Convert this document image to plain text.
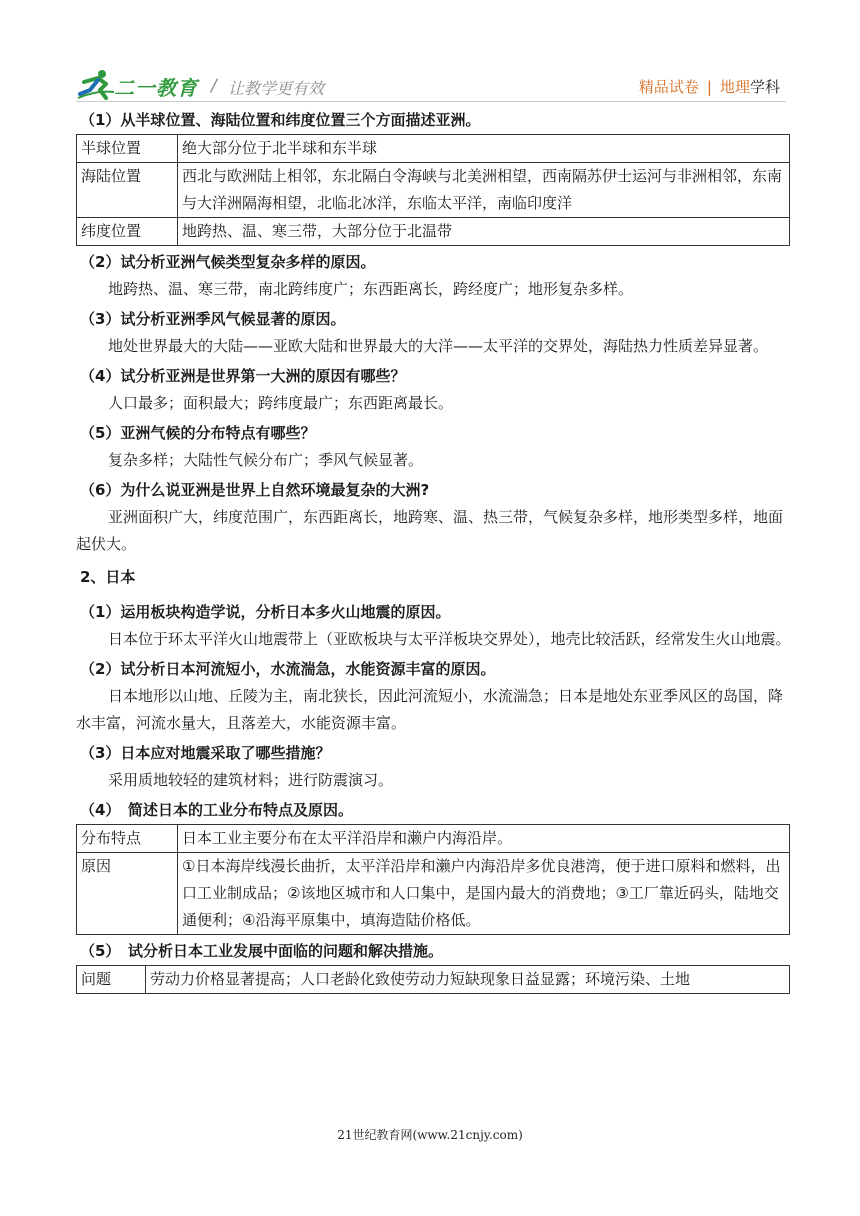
二一教育 / 让教学更有效	精品试卷 | 地理学科

（1）从半球位置、海陆位置和纬度位置三个方面描述亚洲。

半球位置	绝大部分位于北半球和东半球
海陆位置	西北与欧洲陆上相邻，东北隔白令海峡与北美洲相望，西南隔苏伊士运河与非洲相邻，东南与大洋洲隔海相望，北临北冰洋，东临太平洋，南临印度洋
纬度位置	地跨热、温、寒三带，大部分位于北温带

（2）试分析亚洲气候类型复杂多样的原因。

地跨热、温、寒三带，南北跨纬度广；东西距离长，跨经度广；地形复杂多样。

（3）试分析亚洲季风气候显著的原因。

地处世界最大的大陆——亚欧大陆和世界最大的大洋——太平洋的交界处，海陆热力性质差异显著。

（4）试分析亚洲是世界第一大洲的原因有哪些？

人口最多；面积最大；跨纬度最广；东西距离最长。

（5）亚洲气候的分布特点有哪些？

复杂多样；大陆性气候分布广；季风气候显著。

（6）为什么说亚洲是世界上自然环境最复杂的大洲?

亚洲面积广大，纬度范围广，东西距离长，地跨寒、温、热三带，气候复杂多样，地形类型多样，地面起伏大。

2、日本

（1）运用板块构造学说，分析日本多火山地震的原因。

日本位于环太平洋火山地震带上（亚欧板块与太平洋板块交界处），地壳比较活跃，经常发生火山地震。

（2）试分析日本河流短小，水流湍急，水能资源丰富的原因。

日本地形以山地、丘陵为主，南北狭长，因此河流短小，水流湍急；日本是地处东亚季风区的岛国，降水丰富，河流水量大，且落差大，水能资源丰富。

（3）日本应对地震采取了哪些措施？

采用质地较轻的建筑材料；进行防震演习。

（4）　简述日本的工业分布特点及原因。

分布特点	日本工业主要分布在太平洋沿岸和濑户内海沿岸。
原因	①日本海岸线漫长曲折，太平洋沿岸和濑户内海沿岸多优良港湾，便于进口原料和燃料，出口工业制成品；②该地区城市和人口集中，是国内最大的消费地；③工厂靠近码头，陆地交通便利；④沿海平原集中，填海造陆价格低。

（5）　试分析日本工业发展中面临的问题和解决措施。

问题	劳动力价格显著提高；人口老龄化致使劳动力短缺现象日益显露；环境污染、土地
21世纪教育网(www.21cnjy.com)
